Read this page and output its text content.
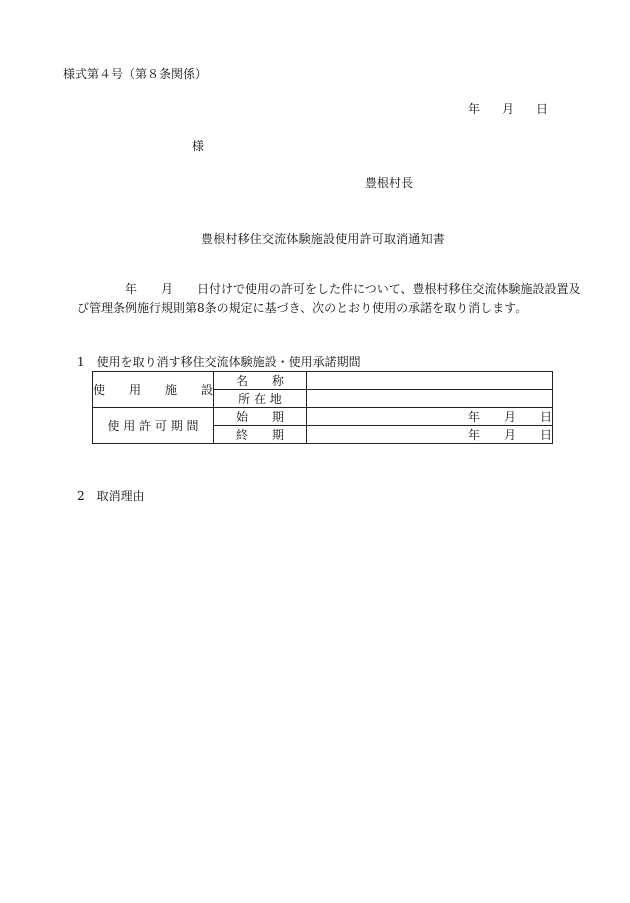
様式第４号（第８条関係）
年 月 日
様
豊根村長
豊根村移住交流体験施設使用許可取消通知書
年　　月　　日付けで使用の許可をした件について、豊根村移住交流体験施設設置及
び管理条例施行規則第8条の規定に基づき、次のとおり使用の承諾を取り消します。
1　使用を取り消す移住交流体験施設・使用承諾期間
使　　用　　施　　設	名　　称	
	所 在 地	
使 用 許 可 期 間	始　　期	年　　月　　日
	終　　期	年　　月　　日
2　取消理由
